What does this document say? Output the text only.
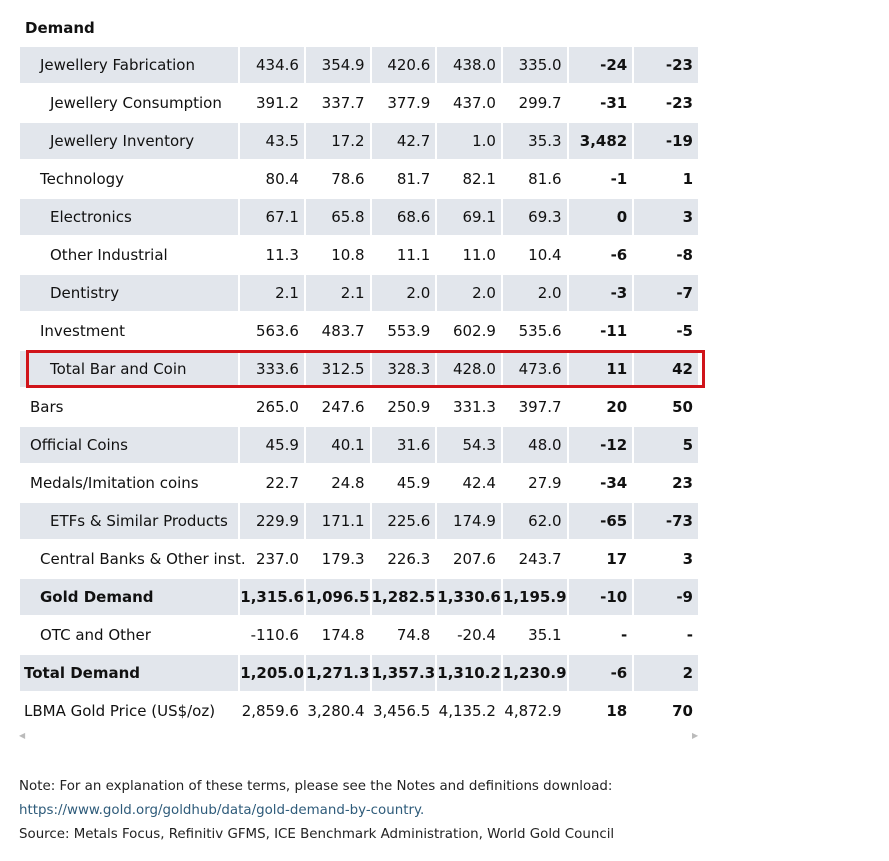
Demand
Jewellery Fabrication	434.6	354.9	420.6	438.0	335.0	-24	-23
Jewellery Consumption	391.2	337.7	377.9	437.0	299.7	-31	-23
Jewellery Inventory	43.5	17.2	42.7	1.0	35.3	3,482	-19
Technology	80.4	78.6	81.7	82.1	81.6	-1	1
Electronics	67.1	65.8	68.6	69.1	69.3	0	3
Other Industrial	11.3	10.8	11.1	11.0	10.4	-6	-8
Dentistry	2.1	2.1	2.0	2.0	2.0	-3	-7
Investment	563.6	483.7	553.9	602.9	535.6	-11	-5
Total Bar and Coin	333.6	312.5	328.3	428.0	473.6	11	42
Bars	265.0	247.6	250.9	331.3	397.7	20	50
Official Coins	45.9	40.1	31.6	54.3	48.0	-12	5
Medals/Imitation coins	22.7	24.8	45.9	42.4	27.9	-34	23
ETFs & Similar Products	229.9	171.1	225.6	174.9	62.0	-65	-73
Central Banks & Other inst.	237.0	179.3	226.3	207.6	243.7	17	3
Gold Demand	1,315.6	1,096.5	1,282.5	1,330.6	1,195.9	-10	-9
OTC and Other	-110.6	174.8	74.8	-20.4	35.1	-	-
Total Demand	1,205.0	1,271.3	1,357.3	1,310.2	1,230.9	-6	2
LBMA Gold Price (US$/oz)	2,859.6	3,280.4	3,456.5	4,135.2	4,872.9	18	70
◀	▶
Note: For an explanation of these terms, please see the Notes and definitions download: https://www.gold.org/goldhub/data/gold-demand-by-country.
Source: Metals Focus, Refinitiv GFMS, ICE Benchmark Administration, World Gold Council
